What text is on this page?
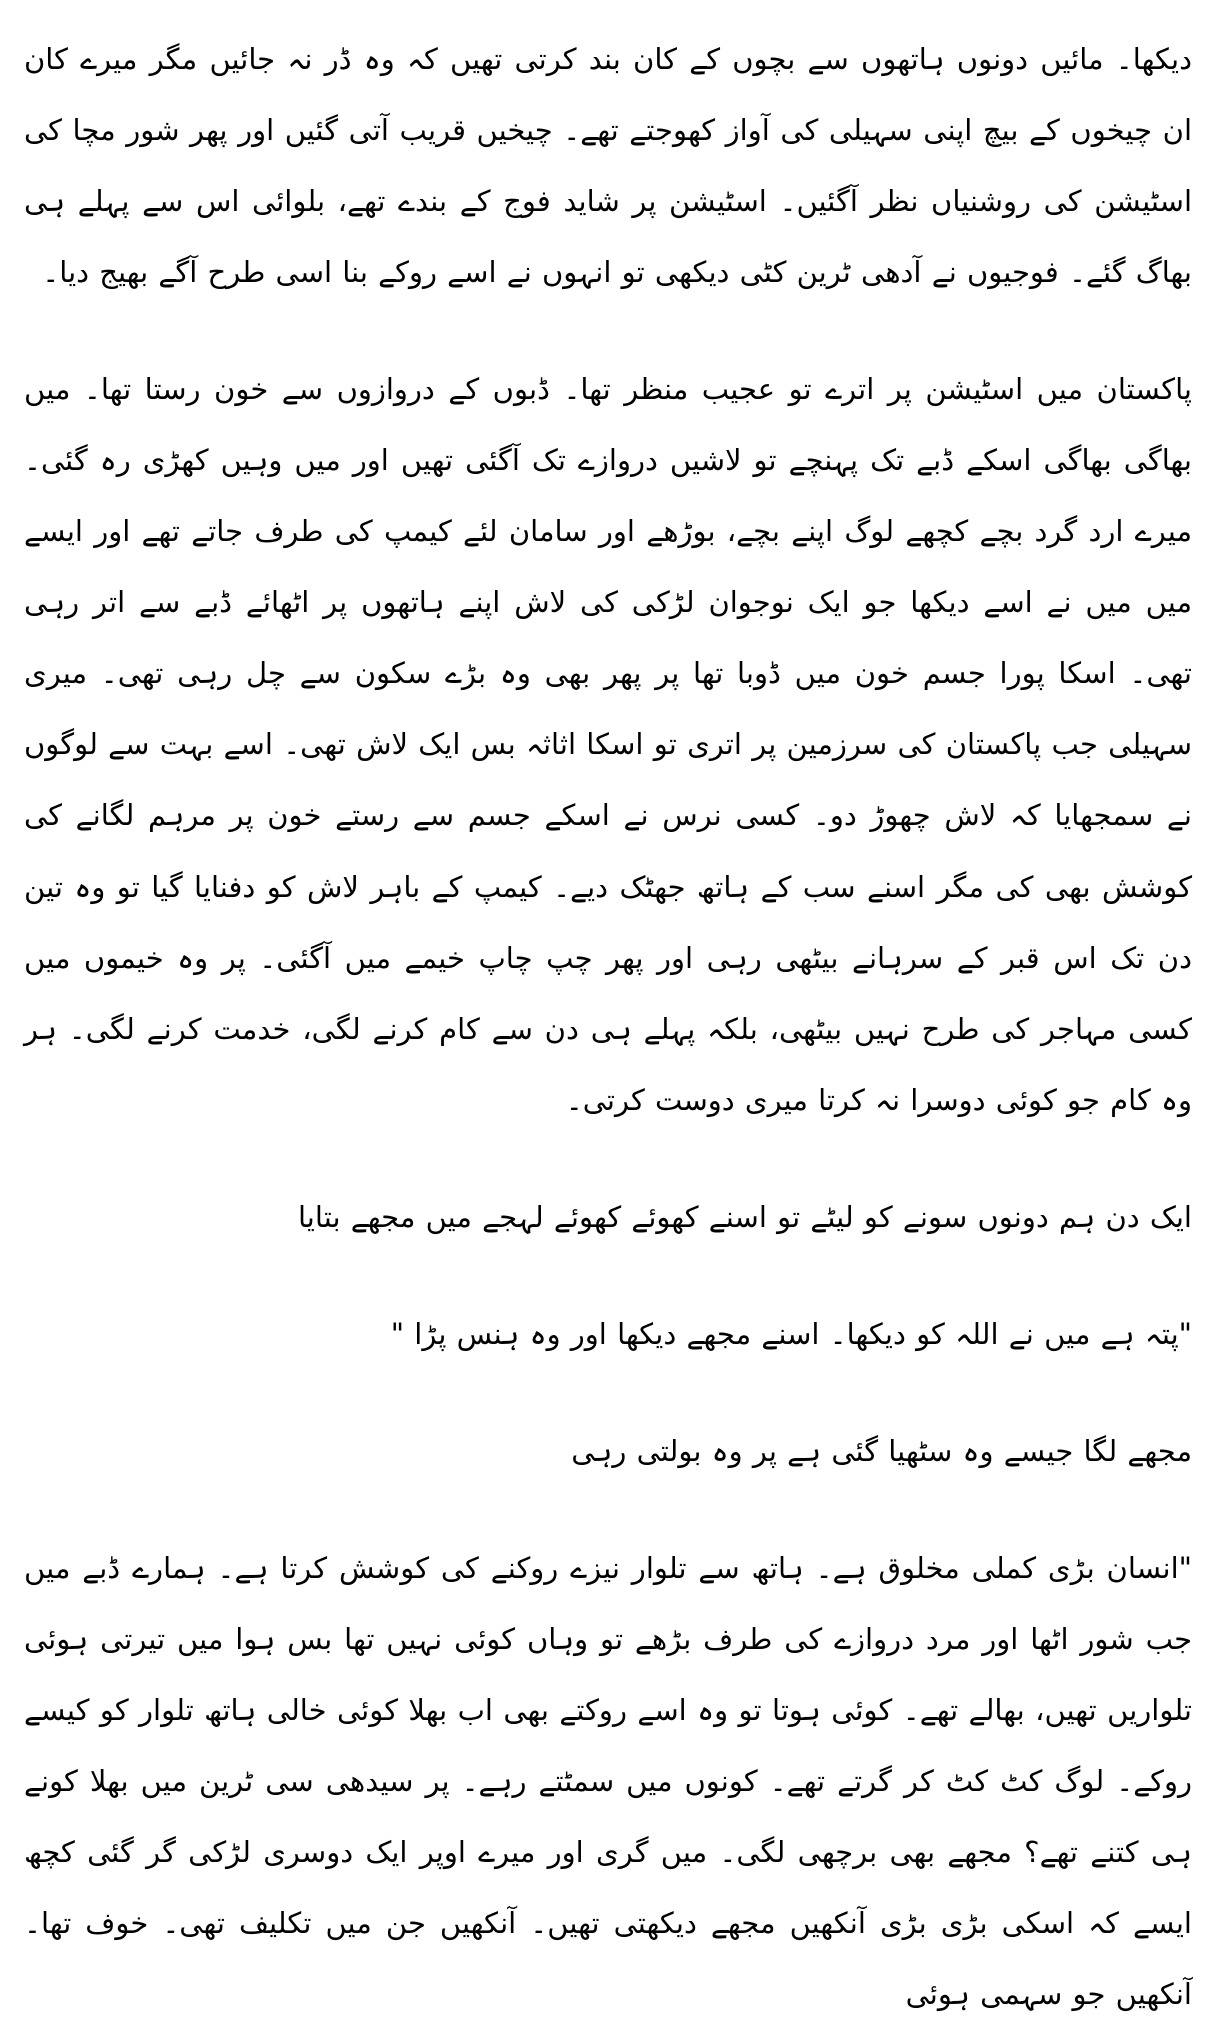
دیکھا۔ مائیں دونوں ہاتھوں سے بچوں کے کان بند کرتی تھیں کہ وہ ڈر نہ جائیں مگر میرے کان ان چیخوں کے بیچ اپنی سہیلی کی آواز کھوجتے تھے۔ چیخیں قریب آتی گئیں اور پھر شور مچا کی اسٹیشن کی روشنیاں نظر آگئیں۔ اسٹیشن پر شاید فوج کے بندے تھے، بلوائی اس سے پہلے ہی بھاگ گئے۔ فوجیوں نے آدھی ٹرین کٹی دیکھی تو انہوں نے اسے روکے بنا اسی طرح آگے بھیج دیا۔

پاکستان میں اسٹیشن پر اترے تو عجیب منظر تھا۔ ڈبوں کے دروازوں سے خون رستا تھا۔ میں بھاگی بھاگی اسکے ڈبے تک پہنچے تو لاشیں دروازے تک آگئی تھیں اور میں وہیں کھڑی رہ گئی۔ میرے ارد گرد بچے کچھے لوگ اپنے بچے، بوڑھے اور سامان لئے کیمپ کی طرف جاتے تھے اور ایسے میں میں نے اسے دیکھا جو ایک نوجوان لڑکی کی لاش اپنے ہاتھوں پر اٹھائے ڈبے سے اتر رہی تھی۔ اسکا پورا جسم خون میں ڈوبا تھا پر پھر بھی وہ بڑے سکون سے چل رہی تھی۔ میری سہیلی جب پاکستان کی سرزمین پر اتری تو اسکا اثاثہ بس ایک لاش تھی۔ اسے بہت سے لوگوں نے سمجھایا کہ لاش چھوڑ دو۔ کسی نرس نے اسکے جسم سے رستے خون پر مرہم لگانے کی کوشش بھی کی مگر اسنے سب کے ہاتھ جھٹک دیے۔ کیمپ کے باہر لاش کو دفنایا گیا تو وہ تین دن تک اس قبر کے سرہانے بیٹھی رہی اور پھر چپ چاپ خیمے میں آگئی۔ پر وہ خیموں میں کسی مہاجر کی طرح نہیں بیٹھی، بلکہ پہلے ہی دن سے کام کرنے لگی، خدمت کرنے لگی۔ ہر وہ کام جو کوئی دوسرا نہ کرتا میری دوست کرتی۔

ایک دن ہم دونوں سونے کو لیٹے تو اسنے کھوئے کھوئے لہجے میں مجھے بتایا

"پتہ ہے میں نے اللہ کو دیکھا۔ اسنے مجھے دیکھا اور وہ ہنس پڑا "

مجھے لگا جیسے وہ سٹھیا گئی ہے پر وہ بولتی رہی

"انسان بڑی کملی مخلوق ہے۔ ہاتھ سے تلوار نیزے روکنے کی کوشش کرتا ہے۔ ہمارے ڈبے میں جب شور اٹھا اور مرد دروازے کی طرف بڑھے تو وہاں کوئی نہیں تھا بس ہوا میں تیرتی ہوئی تلواریں تھیں، بھالے تھے۔ کوئی ہوتا تو وہ اسے روکتے بھی اب بھلا کوئی خالی ہاتھ تلوار کو کیسے روکے۔ لوگ کٹ کٹ کر گرتے تھے۔ کونوں میں سمٹتے رہے۔ پر سیدھی سی ٹرین میں بھلا کونے ہی کتنے تھے؟ مجھے بھی برچھی لگی۔ میں گری اور میرے اوپر ایک دوسری لڑکی گر گئی کچھ ایسے کہ اسکی بڑی بڑی آنکھیں مجھے دیکھتی تھیں۔ آنکھیں جن میں تکلیف تھی۔ خوف تھا۔ آنکھیں جو سہمی ہوئی
